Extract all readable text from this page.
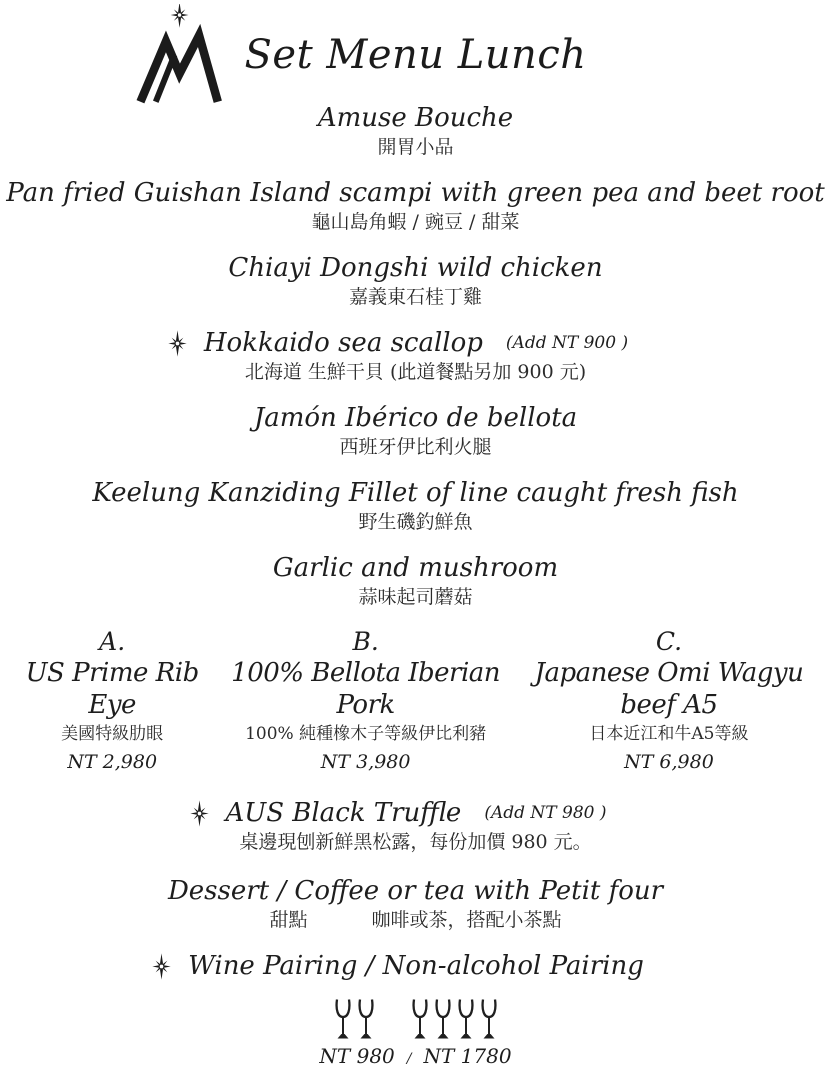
Set Menu Lunch
Amuse Bouche
開胃小品
Pan fried Guishan Island scampi with green pea and beet root
龜山島角蝦 / 豌豆 / 甜菜
Chiayi Dongshi wild chicken
嘉義東石桂丁雞
Hokkaido sea scallop (Add NT 900 )
北海道 生鮮干貝 (此道餐點另加 900 元)
Jamón Ibérico de bellota
西班牙伊比利火腿
Keelung Kanziding Fillet of line caught fresh fish
野生磯釣鮮魚
Garlic and mushroom
蒜味起司蘑菇
A.
US Prime Rib Eye
美國特級肋眼
NT 2,980
B.
100% Bellota Iberian Pork
100% 純種橡木子等級伊比利豬
NT 3,980
C.
Japanese Omi Wagyu beef A5
日本近江和牛A5等級
NT 6,980
AUS Black Truffle (Add NT 980 )
桌邊現刨新鮮黑松露，每份加價 980 元。
Dessert / Coffee or tea with Petit four
甜點	咖啡或茶，搭配小茶點
Wine Pairing / Non-alcohol Pairing
NT 980 / NT 1780
